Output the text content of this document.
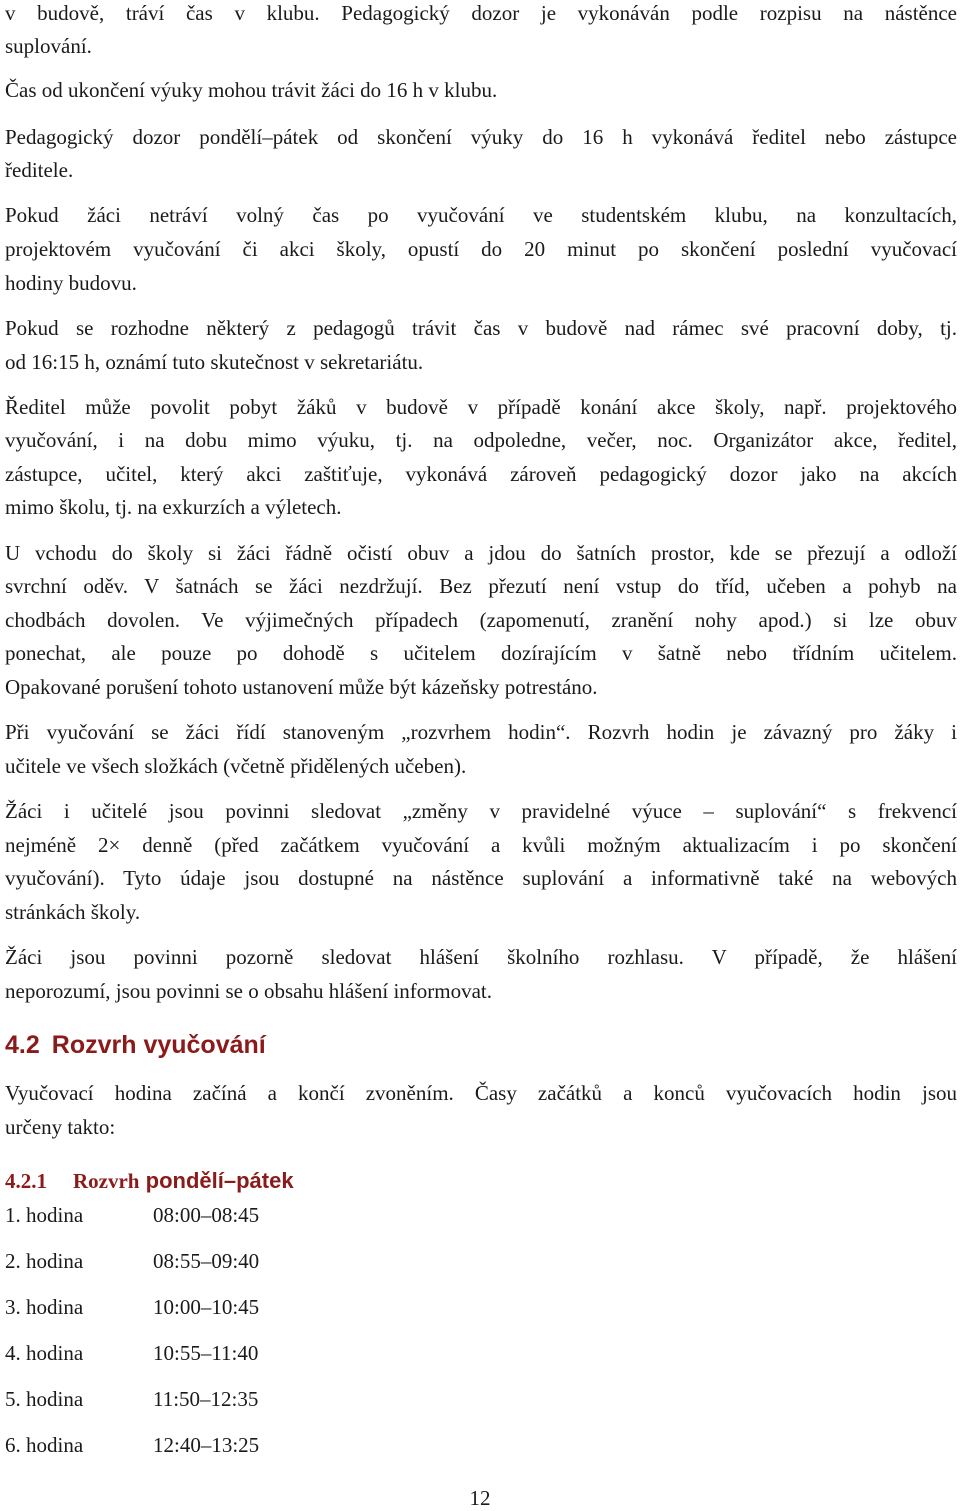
v budově, tráví čas v klubu. Pedagogický dozor je vykonáván podle rozpisu na nástěnce
suplování.
Čas od ukončení výuky mohou trávit žáci do 16 h v klubu.
Pedagogický dozor pondělí–pátek od skončení výuky do 16 h vykonává ředitel nebo zástupce
ředitele.
Pokud žáci netráví volný čas po vyučování ve studentském klubu, na konzultacích,
projektovém vyučování či akci školy, opustí do 20 minut po skončení poslední vyučovací
hodiny budovu.
Pokud se rozhodne některý z pedagogů trávit čas v budově nad rámec své pracovní doby, tj.
od 16:15 h, oznámí tuto skutečnost v sekretariátu.
Ředitel může povolit pobyt žáků v budově v případě konání akce školy, např. projektového
vyučování, i na dobu mimo výuku, tj. na odpoledne, večer, noc. Organizátor akce, ředitel,
zástupce, učitel, který akci zaštiťuje, vykonává zároveň pedagogický dozor jako na akcích
mimo školu, tj. na exkurzích a výletech.
U vchodu do školy si žáci řádně očistí obuv a jdou do šatních prostor, kde se přezují a odloží
svrchní oděv. V šatnách se žáci nezdržují. Bez přezutí není vstup do tříd, učeben a pohyb na
chodbách dovolen. Ve výjimečných případech (zapomenutí, zranění nohy apod.) si lze obuv
ponechat, ale pouze po dohodě s učitelem dozírajícím v šatně nebo třídním učitelem.
Opakované porušení tohoto ustanovení může být kázeňsky potrestáno.
Při vyučování se žáci řídí stanoveným „rozvrhem hodin“. Rozvrh hodin je závazný pro žáky i
učitele ve všech složkách (včetně přidělených učeben).
Žáci i učitelé jsou povinni sledovat „změny v pravidelné výuce – suplování“ s frekvencí
nejméně 2× denně (před začátkem vyučování a kvůli možným aktualizacím i po skončení
vyučování). Tyto údaje jsou dostupné na nástěnce suplování a informativně také na webových
stránkách školy.
Žáci jsou povinni pozorně sledovat hlášení školního rozhlasu. V případě, že hlášení
neporozumí, jsou povinni se o obsahu hlášení informovat.
4.2 Rozvrh vyučování
Vyučovací hodina začíná a končí zvoněním. Časy začátků a konců vyučovacích hodin jsou
určeny takto:
4.2.1 Rozvrh pondělí–pátek
1. hodina	08:00–08:45
2. hodina	08:55–09:40
3. hodina	10:00–10:45
4. hodina	10:55–11:40
5. hodina	11:50–12:35
6. hodina	12:40–13:25
12
